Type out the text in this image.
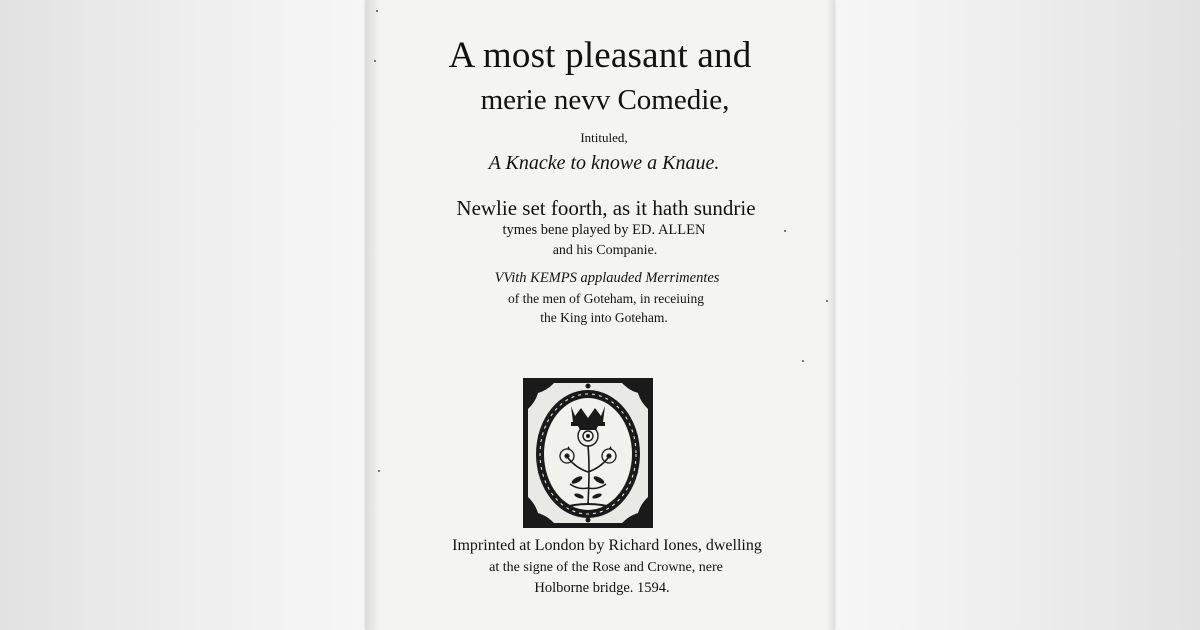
A most pleasant and
merie nevv Comedie,
Intituled,
A Knacke to knowe a Knaue.
Newlie set foorth, as it hath sundrie
tymes bene played by ED. ALLEN
and his Companie.
VVith KEMPS applauded Merrimentes
of the men of Goteham, in receiuing
the King into Goteham.
Imprinted at London by Richard Iones, dwelling
at the signe of the Rose and Crowne, nere
Holborne bridge. 1594.
